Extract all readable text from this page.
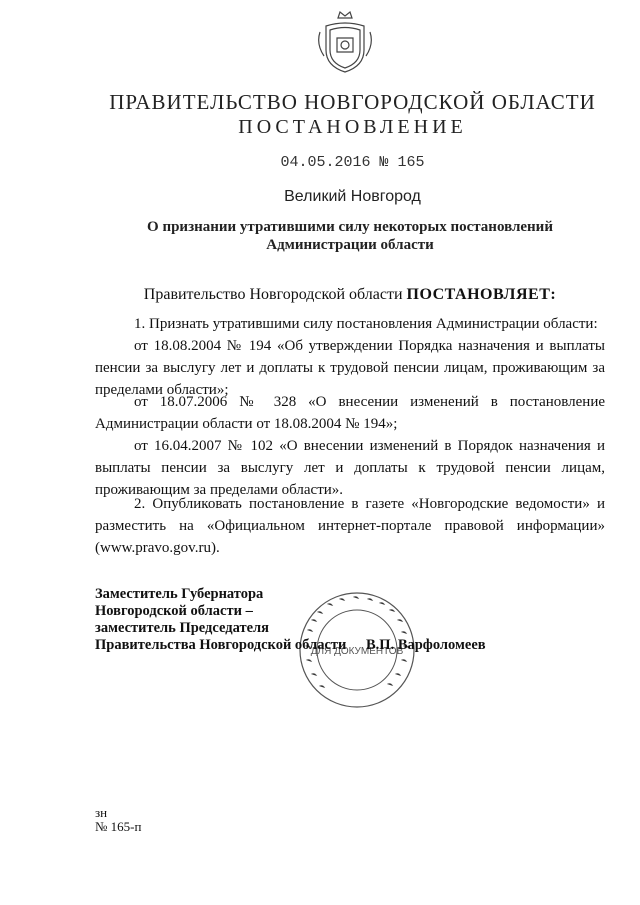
ПРАВИТЕЛЬСТВО НОВГОРОДСКОЙ ОБЛАСТИ
ПОСТАНОВЛЕНИЕ
04.05.2016 № 165
Великий Новгород
О признании утратившими силу некоторых постановлений
Администрации области
Правительство Новгородской области ПОСТАНОВЛЯЕТ:
1. Признать утратившими силу постановления Администрации области:
от 18.08.2004 № 194 «Об утверждении Порядка назначения и выплаты пенсии за выслугу лет и доплаты к трудовой пенсии лицам, проживающим за пределами области»;
от 18.07.2006 № 328 «О внесении изменений в постановление Администрации области от 18.08.2004 № 194»;
от 16.04.2007 № 102 «О внесении изменений в Порядок назначения и выплаты пенсии за выслугу лет и доплаты к трудовой пенсии лицам, проживающим за пределами области».
2. Опубликовать постановление в газете «Новгородские ведомости» и разместить на «Официальном интернет-портале правовой информации» (www.pravo.gov.ru).
ДЛЯ ДОКУМЕНТОВ
Заместитель Губернатора
Новгородской области –
заместитель Председателя
Правительства Новгородской области В.П. Варфоломеев
зн
№ 165-п
